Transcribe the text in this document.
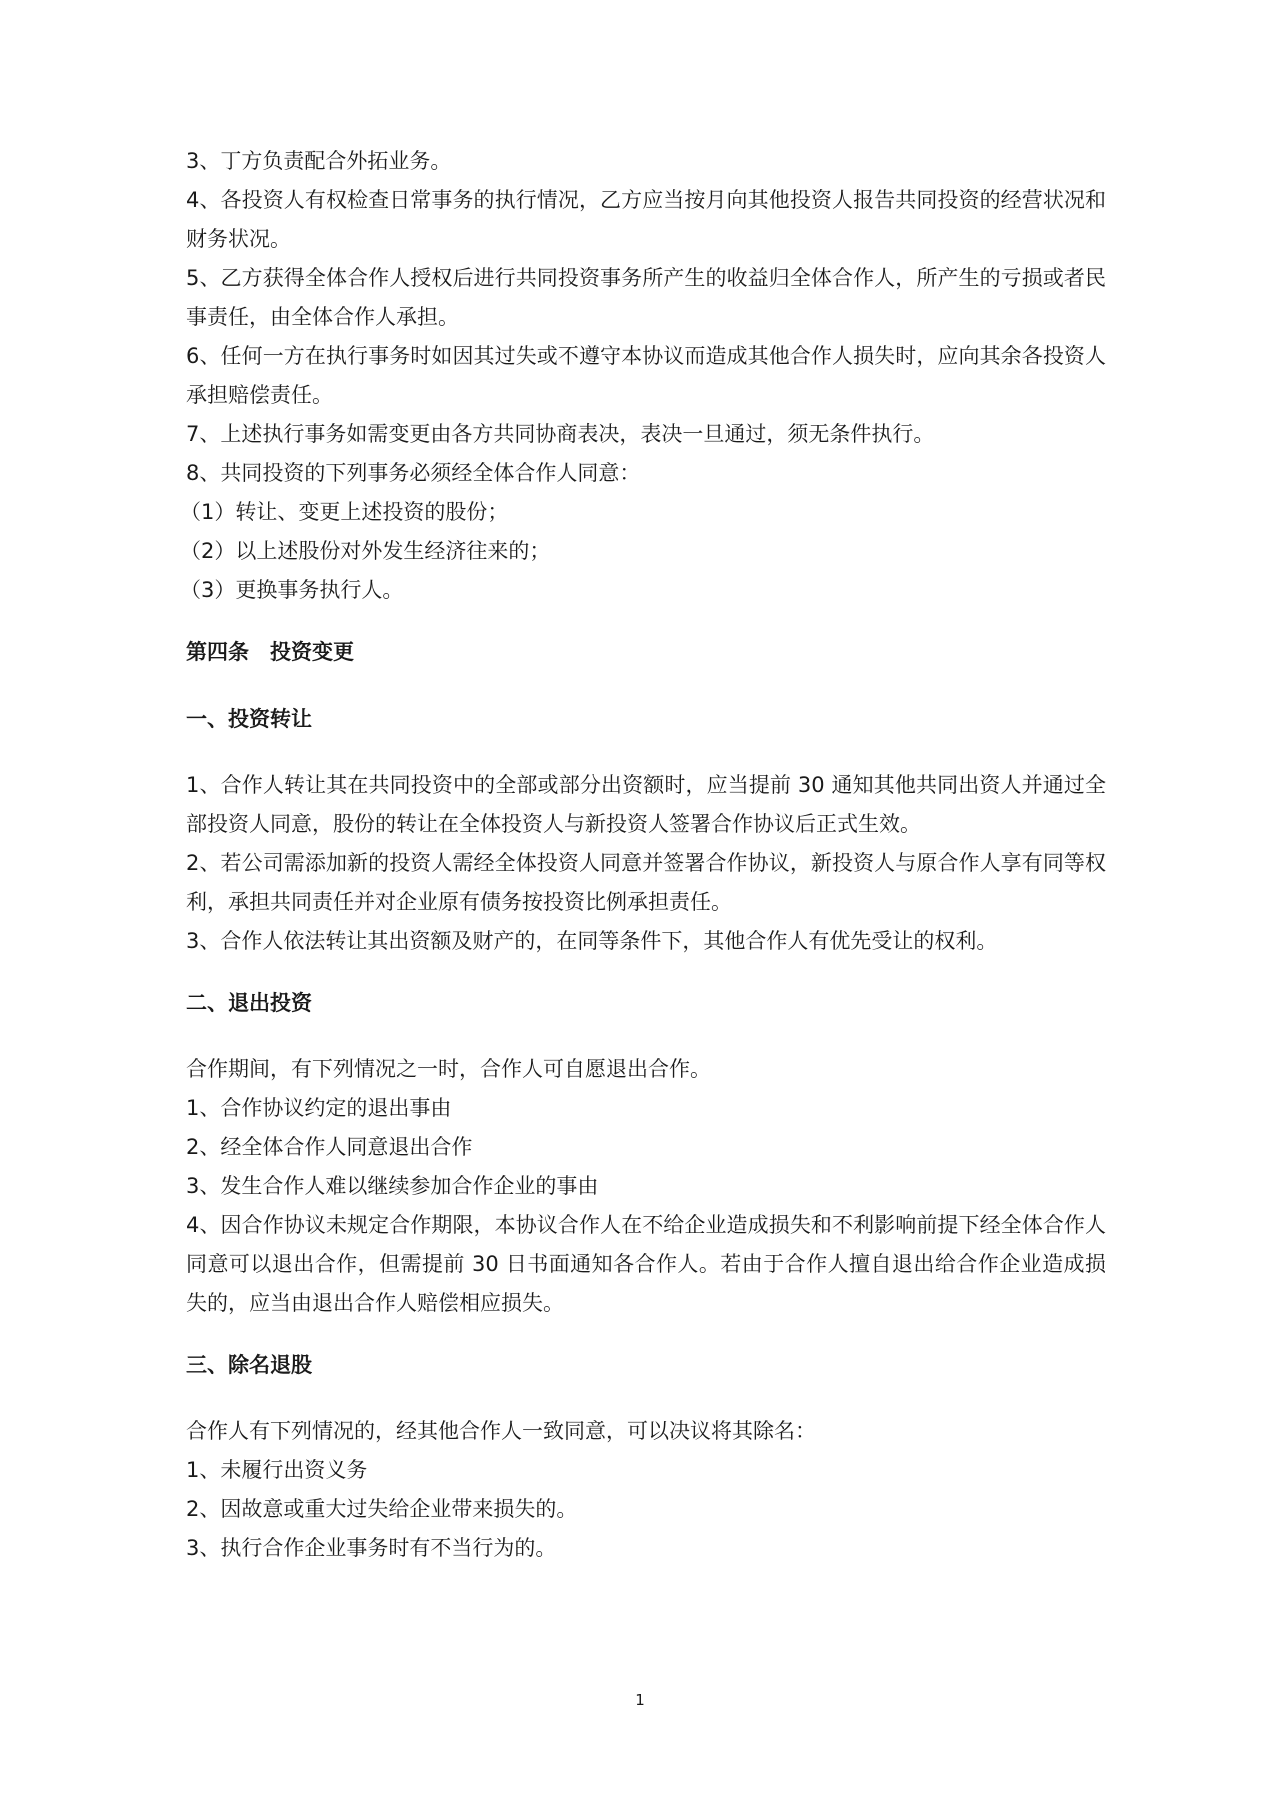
3、丁方负责配合外拓业务。

4、各投资人有权检查日常事务的执行情况，乙方应当按月向其他投资人报告共同投资的经营状况和财务状况。

5、乙方获得全体合作人授权后进行共同投资事务所产生的收益归全体合作人，所产生的亏损或者民事责任，由全体合作人承担。

6、任何一方在执行事务时如因其过失或不遵守本协议而造成其他合作人损失时，应向其余各投资人承担赔偿责任。

7、上述执行事务如需变更由各方共同协商表决，表决一旦通过，须无条件执行。

8、共同投资的下列事务必须经全体合作人同意：

（1）转让、变更上述投资的股份；

（2）以上述股份对外发生经济往来的；

（3）更换事务执行人。

第四条　投资变更
一、投资转让

1、合作人转让其在共同投资中的全部或部分出资额时，应当提前 30 通知其他共同出资人并通过全部投资人同意，股份的转让在全体投资人与新投资人签署合作协议后正式生效。

2、若公司需添加新的投资人需经全体投资人同意并签署合作协议，新投资人与原合作人享有同等权利，承担共同责任并对企业原有债务按投资比例承担责任。

3、合作人依法转让其出资额及财产的，在同等条件下，其他合作人有优先受让的权利。

二、退出投资

合作期间，有下列情况之一时，合作人可自愿退出合作。

1、合作协议约定的退出事由

2、经全体合作人同意退出合作

3、发生合作人难以继续参加合作企业的事由

4、因合作协议未规定合作期限，本协议合作人在不给企业造成损失和不利影响前提下经全体合作人同意可以退出合作，但需提前 30 日书面通知各合作人。若由于合作人擅自退出给合作企业造成损失的，应当由退出合作人赔偿相应损失。

三、除名退股

合作人有下列情况的，经其他合作人一致同意，可以决议将其除名：

1、未履行出资义务

2、因故意或重大过失给企业带来损失的。

3、执行合作企业事务时有不当行为的。

1
